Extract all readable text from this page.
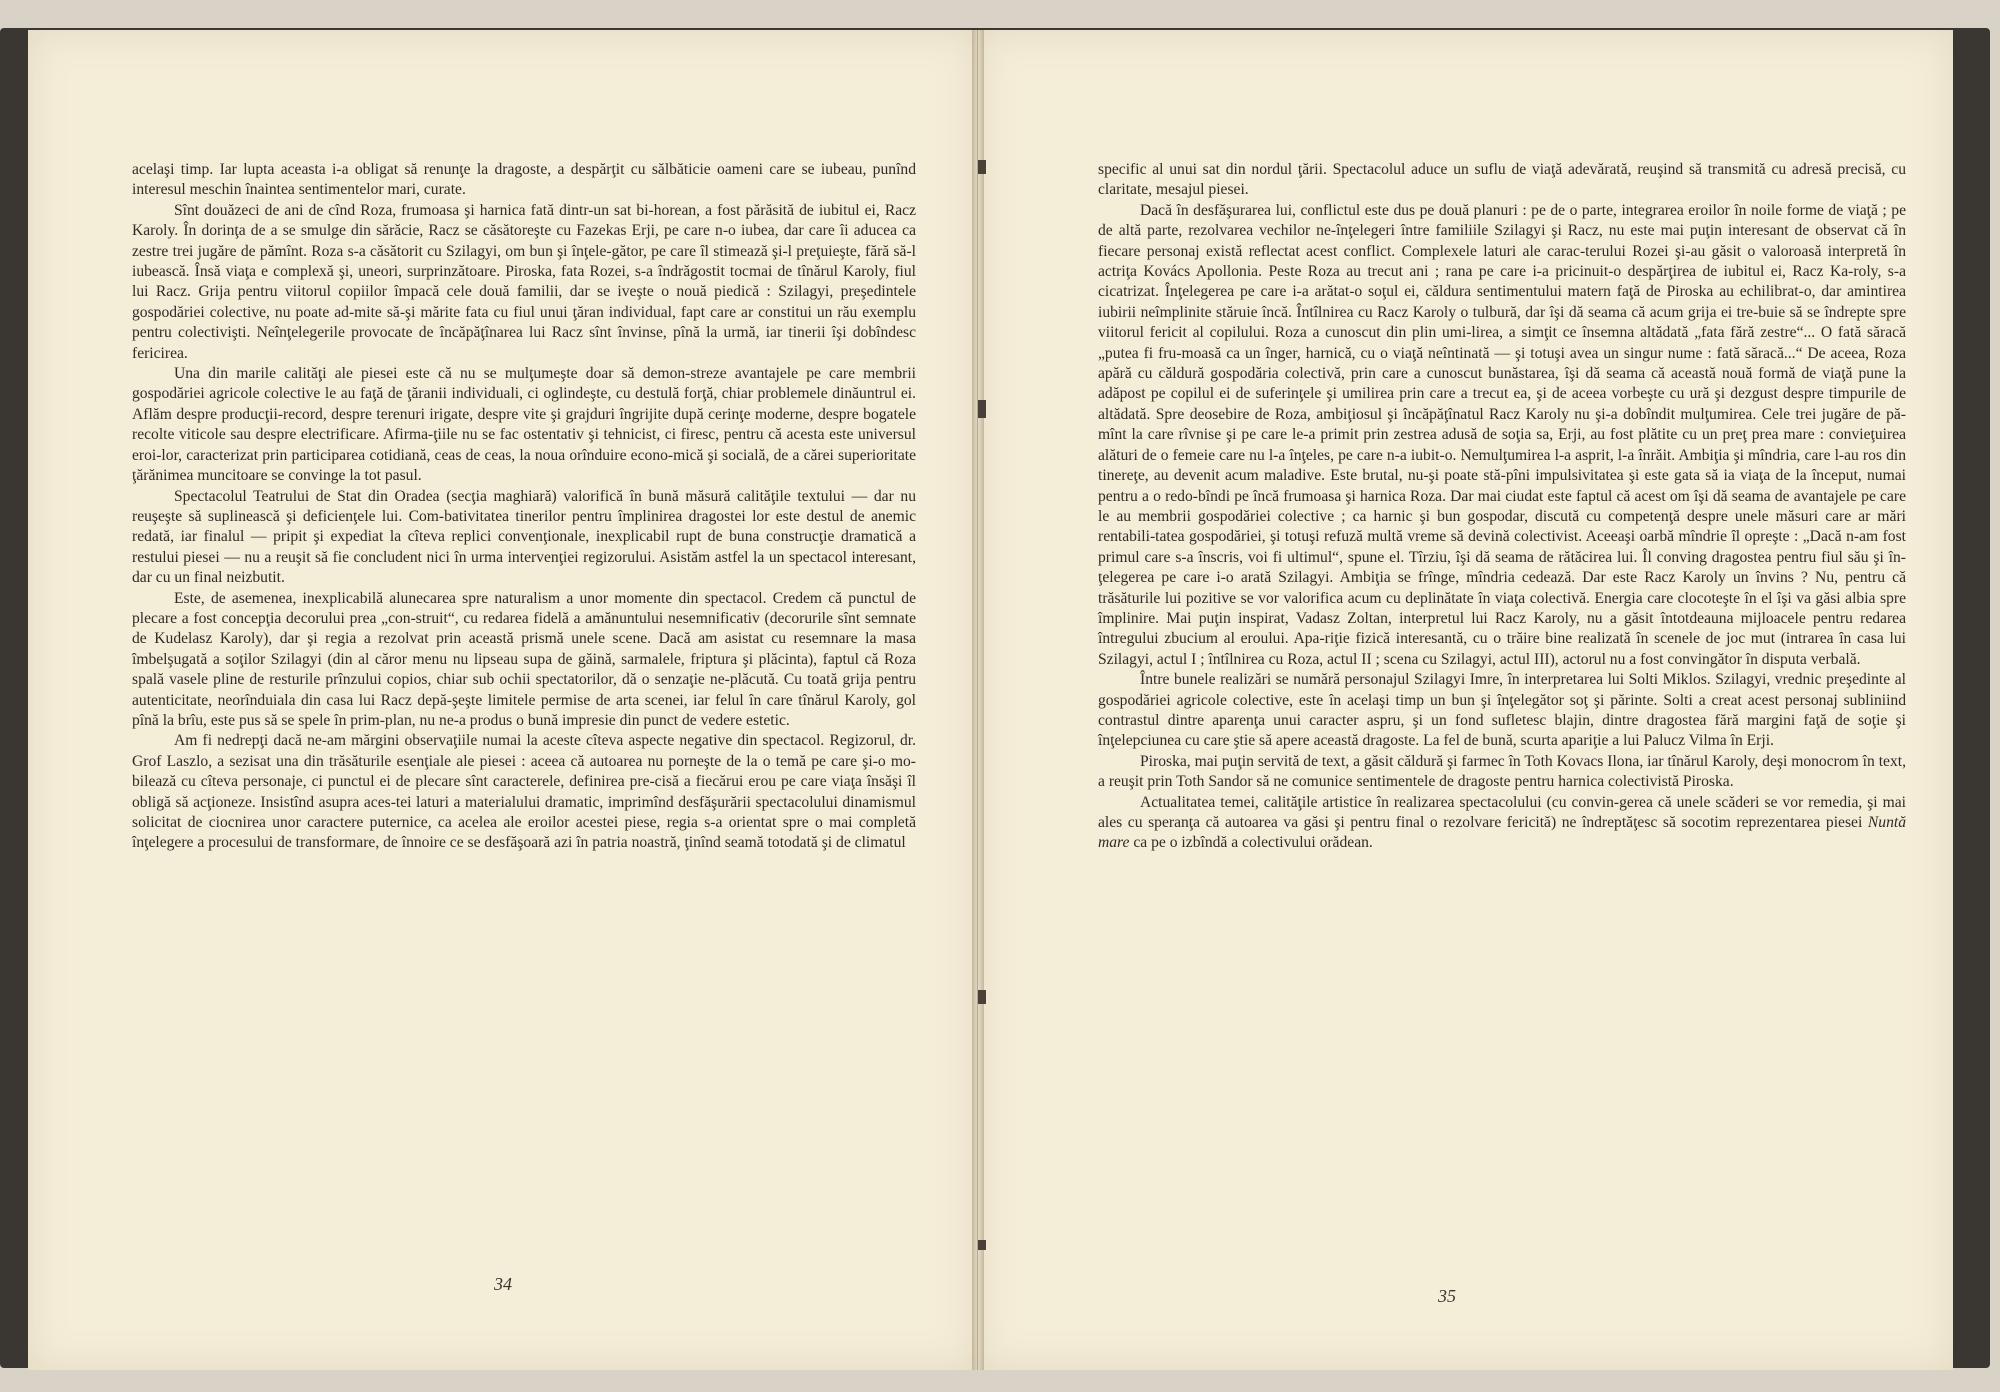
acelaşi timp. Iar lupta aceasta i-a obligat să renunţe la dragoste, a despărţit cu sălbăticie oameni care se iubeau, punînd interesul meschin înaintea sentimentelor mari, curate.

Sînt douăzeci de ani de cînd Roza, frumoasa şi harnica fată dintr-un sat bi-horean, a fost părăsită de iubitul ei, Racz Karoly. În dorinţa de a se smulge din sărăcie, Racz se căsătoreşte cu Fazekas Erji, pe care n-o iubea, dar care îi aducea ca zestre trei jugăre de pămînt. Roza s-a căsătorit cu Szilagyi, om bun şi înţele-gător, pe care îl stimează şi-l preţuieşte, fără să-l iubească. Însă viaţa e complexă şi, uneori, surprinzătoare. Piroska, fata Rozei, s-a îndrăgostit tocmai de tînărul Karoly, fiul lui Racz. Grija pentru viitorul copiilor împacă cele două familii, dar se iveşte o nouă piedică : Szilagyi, preşedintele gospodăriei colective, nu poate ad-mite să-şi mărite fata cu fiul unui ţăran individual, fapt care ar constitui un rău exemplu pentru colectivişti. Neînţelegerile provocate de încăpăţînarea lui Racz sînt învinse, pînă la urmă, iar tinerii îşi dobîndesc fericirea.

Una din marile calităţi ale piesei este că nu se mulţumeşte doar să demon-streze avantajele pe care membrii gospodăriei agricole colective le au faţă de ţăranii individuali, ci oglindeşte, cu destulă forţă, chiar problemele dinăuntrul ei. Aflăm despre producţii-record, despre terenuri irigate, despre vite şi grajduri îngrijite după cerinţe moderne, despre bogatele recolte viticole sau despre electrificare. Afirma-ţiile nu se fac ostentativ şi tehnicist, ci firesc, pentru că acesta este universul eroi-lor, caracterizat prin participarea cotidiană, ceas de ceas, la noua orînduire econo-mică şi socială, de a cărei superioritate ţărănimea muncitoare se convinge la tot pasul.

Spectacolul Teatrului de Stat din Oradea (secţia maghiară) valorifică în bună măsură calităţile textului — dar nu reuşeşte să suplinească şi deficienţele lui. Com-bativitatea tinerilor pentru împlinirea dragostei lor este destul de anemic redată, iar finalul — pripit şi expediat la cîteva replici convenţionale, inexplicabil rupt de buna construcţie dramatică a restului piesei — nu a reuşit să fie concludent nici în urma intervenţiei regizorului. Asistăm astfel la un spectacol interesant, dar cu un final neizbutit.

Este, de asemenea, inexplicabilă alunecarea spre naturalism a unor momente din spectacol. Credem că punctul de plecare a fost concepţia decorului prea „con-struit“, cu redarea fidelă a amănuntului nesemnificativ (decorurile sînt semnate de Kudelasz Karoly), dar şi regia a rezolvat prin această prismă unele scene. Dacă am asistat cu resemnare la masa îmbelşugată a soţilor Szilagyi (din al căror menu nu lipseau supa de găină, sarmalele, friptura şi plăcinta), faptul că Roza spală vasele pline de resturile prînzului copios, chiar sub ochii spectatorilor, dă o senzaţie ne-plăcută. Cu toată grija pentru autenticitate, neorînduiala din casa lui Racz depă-şeşte limitele permise de arta scenei, iar felul în care tînărul Karoly, gol pînă la brîu, este pus să se spele în prim-plan, nu ne-a produs o bună impresie din punct de vedere estetic.

Am fi nedrepţi dacă ne-am mărgini observaţiile numai la aceste cîteva aspecte negative din spectacol. Regizorul, dr. Grof Laszlo, a sezisat una din trăsăturile esenţiale ale piesei : aceea că autoarea nu porneşte de la o temă pe care şi-o mo-bilează cu cîteva personaje, ci punctul ei de plecare sînt caracterele, definirea pre-cisă a fiecărui erou pe care viaţa însăşi îl obligă să acţioneze. Insistînd asupra aces-tei laturi a materialului dramatic, imprimînd desfăşurării spectacolului dinamismul solicitat de ciocnirea unor caractere puternice, ca acelea ale eroilor acestei piese, regia s-a orientat spre o mai completă înţelegere a procesului de transformare, de înnoire ce se desfăşoară azi în patria noastră, ţinînd seamă totodată şi de climatul

34

specific al unui sat din nordul ţării. Spectacolul aduce un suflu de viaţă adevărată, reuşind să transmită cu adresă precisă, cu claritate, mesajul piesei.

Dacă în desfăşurarea lui, conflictul este dus pe două planuri : pe de o parte, integrarea eroilor în noile forme de viaţă ; pe de altă parte, rezolvarea vechilor ne-înţelegeri între familiile Szilagyi şi Racz, nu este mai puţin interesant de observat că în fiecare personaj există reflectat acest conflict. Complexele laturi ale carac-terului Rozei şi-au găsit o valoroasă interpretă în actriţa Kovács Apollonia. Peste Roza au trecut ani ; rana pe care i-a pricinuit-o despărţirea de iubitul ei, Racz Ka-roly, s-a cicatrizat. Înţelegerea pe care i-a arătat-o soţul ei, căldura sentimentului matern faţă de Piroska au echilibrat-o, dar amintirea iubirii neîmplinite stăruie încă. Întîlnirea cu Racz Karoly o tulbură, dar îşi dă seama că acum grija ei tre-buie să se îndrepte spre viitorul fericit al copilului. Roza a cunoscut din plin umi-lirea, a simţit ce însemna altădată „fata fără zestre“... O fată săracă „putea fi fru-moasă ca un înger, harnică, cu o viaţă neîntinată — şi totuşi avea un singur nume : fată săracă...“ De aceea, Roza apără cu căldură gospodăria colectivă, prin care a cunoscut bunăstarea, îşi dă seama că această nouă formă de viaţă pune la adăpost pe copilul ei de suferinţele şi umilirea prin care a trecut ea, şi de aceea vorbeşte cu ură şi dezgust despre timpurile de altădată. Spre deosebire de Roza, ambiţiosul şi încăpăţînatul Racz Karoly nu şi-a dobîndit mulţumirea. Cele trei jugăre de pă-mînt la care rîvnise şi pe care le-a primit prin zestrea adusă de soţia sa, Erji, au fost plătite cu un preţ prea mare : convieţuirea alături de o femeie care nu l-a înţeles, pe care n-a iubit-o. Nemulţumirea l-a asprit, l-a înrăit. Ambiţia şi mîndria, care l-au ros din tinereţe, au devenit acum maladive. Este brutal, nu-şi poate stă-pîni impulsivitatea şi este gata să ia viaţa de la început, numai pentru a o redo-bîndi pe încă frumoasa şi harnica Roza. Dar mai ciudat este faptul că acest om îşi dă seama de avantajele pe care le au membrii gospodăriei colective ; ca harnic şi bun gospodar, discută cu competenţă despre unele măsuri care ar mări rentabili-tatea gospodăriei, şi totuşi refuză multă vreme să devină colectivist. Aceeaşi oarbă mîndrie îl opreşte : „Dacă n-am fost primul care s-a înscris, voi fi ultimul“, spune el. Tîrziu, îşi dă seama de rătăcirea lui. Îl conving dragostea pentru fiul său şi în-ţelegerea pe care i-o arată Szilagyi. Ambiţia se frînge, mîndria cedează. Dar este Racz Karoly un învins ? Nu, pentru că trăsăturile lui pozitive se vor valorifica acum cu deplinătate în viaţa colectivă. Energia care clocoteşte în el îşi va găsi albia spre împlinire. Mai puţin inspirat, Vadasz Zoltan, interpretul lui Racz Karoly, nu a găsit întotdeauna mijloacele pentru redarea întregului zbucium al eroului. Apa-riţie fizică interesantă, cu o trăire bine realizată în scenele de joc mut (intrarea în casa lui Szilagyi, actul I ; întîlnirea cu Roza, actul II ; scena cu Szilagyi, actul III), actorul nu a fost convingător în disputa verbală.

Între bunele realizări se numără personajul Szilagyi Imre, în interpretarea lui Solti Miklos. Szilagyi, vrednic preşedinte al gospodăriei agricole colective, este în acelaşi timp un bun şi înţelegător soţ şi părinte. Solti a creat acest personaj subliniind contrastul dintre aparenţa unui caracter aspru, şi un fond sufletesc blajin, dintre dragostea fără margini faţă de soţie şi înţelepciunea cu care ştie să apere această dragoste. La fel de bună, scurta apariţie a lui Palucz Vilma în Erji.

Piroska, mai puţin servită de text, a găsit căldură şi farmec în Toth Kovacs Ilona, iar tînărul Karoly, deşi monocrom în text, a reuşit prin Toth Sandor să ne comunice sentimentele de dragoste pentru harnica colectivistă Piroska.

Actualitatea temei, calităţile artistice în realizarea spectacolului (cu convin-gerea că unele scăderi se vor remedia, şi mai ales cu speranţa că autoarea va găsi şi pentru final o rezolvare fericită) ne îndreptăţesc să socotim reprezentarea piesei Nuntă mare ca pe o izbîndă a colectivului orădean.

35
